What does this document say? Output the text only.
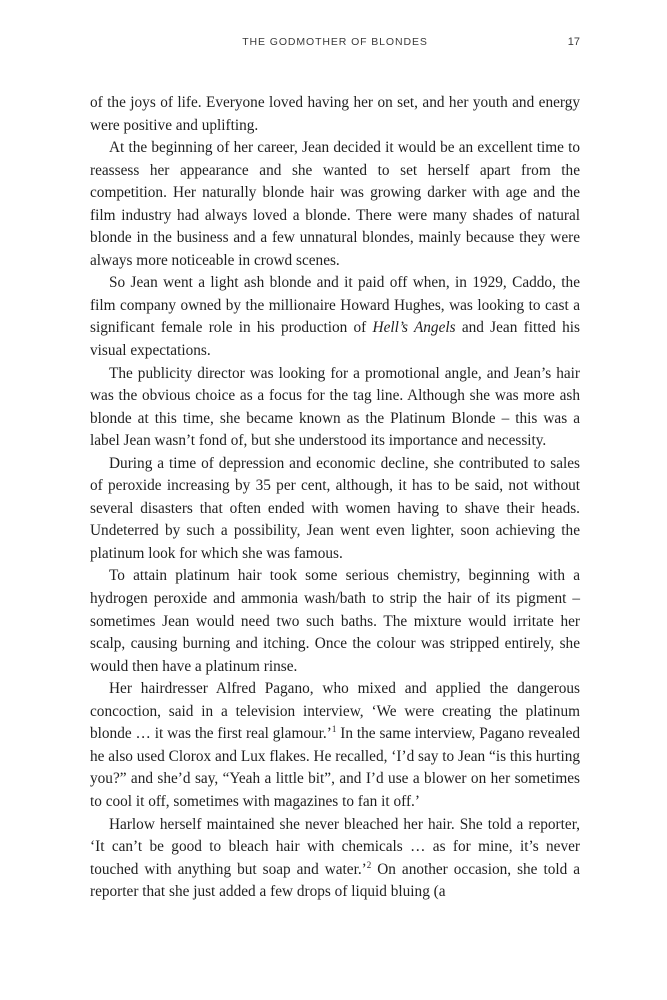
THE GODMOTHER OF BLONDES	17

of the joys of life. Everyone loved having her on set, and her youth and energy were positive and uplifting.

At the beginning of her career, Jean decided it would be an excellent time to reassess her appearance and she wanted to set herself apart from the competition. Her naturally blonde hair was growing darker with age and the film industry had always loved a blonde. There were many shades of natural blonde in the business and a few unnatural blondes, mainly because they were always more noticeable in crowd scenes.

So Jean went a light ash blonde and it paid off when, in 1929, Caddo, the film company owned by the millionaire Howard Hughes, was looking to cast a significant female role in his production of Hell’s Angels and Jean fitted his visual expectations.

The publicity director was looking for a promotional angle, and Jean’s hair was the obvious choice as a focus for the tag line. Although she was more ash blonde at this time, she became known as the Platinum Blonde – this was a label Jean wasn’t fond of, but she understood its importance and necessity.

During a time of depression and economic decline, she contributed to sales of peroxide increasing by 35 per cent, although, it has to be said, not without several disasters that often ended with women having to shave their heads. Undeterred by such a possibility, Jean went even lighter, soon achieving the platinum look for which she was famous.

To attain platinum hair took some serious chemistry, beginning with a hydrogen peroxide and ammonia wash/bath to strip the hair of its pigment – sometimes Jean would need two such baths. The mixture would irritate her scalp, causing burning and itching. Once the colour was stripped entirely, she would then have a platinum rinse.

Her hairdresser Alfred Pagano, who mixed and applied the dangerous concoction, said in a television interview, ‘We were creating the platinum blonde … it was the first real glamour.’$^1$ In the same interview, Pagano revealed he also used Clorox and Lux flakes. He recalled, ‘I’d say to Jean “is this hurting you?” and she’d say, “Yeah a little bit”, and I’d use a blower on her sometimes to cool it off, sometimes with magazines to fan it off.’

Harlow herself maintained she never bleached her hair. She told a reporter, ‘It can’t be good to bleach hair with chemicals … as for mine, it’s never touched with anything but soap and water.’$^2$ On another occasion, she told a reporter that she just added a few drops of liquid bluing (a
